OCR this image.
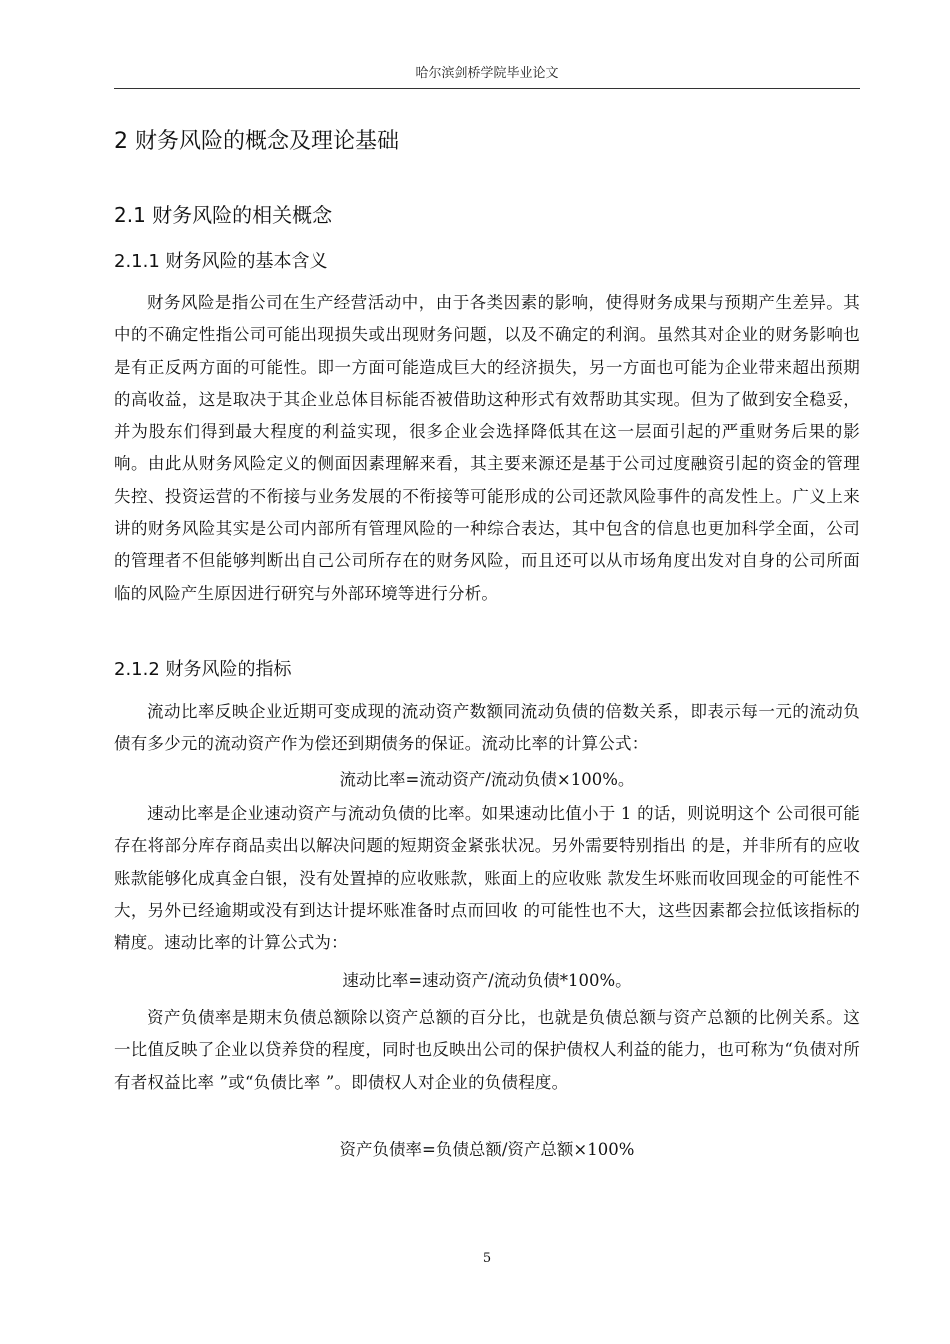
哈尔滨剑桥学院毕业论文
2 财务风险的概念及理论基础
2.1 财务风险的相关概念
2.1.1 财务风险的基本含义

财务风险是指公司在生产经营活动中，由于各类因素的影响，使得财务成果与预期产生差异。其中的不确定性指公司可能出现损失或出现财务问题，以及不确定的利润。虽然其对企业的财务影响也是有正反两方面的可能性。即一方面可能造成巨大的经济损失，另一方面也可能为企业带来超出预期的高收益，这是取决于其企业总体目标能否被借助这种形式有效帮助其实现。但为了做到安全稳妥，并为股东们得到最大程度的利益实现，很多企业会选择降低其在这一层面引起的严重财务后果的影响。由此从财务风险定义的侧面因素理解来看，其主要来源还是基于公司过度融资引起的资金的管理失控、投资运营的不衔接与业务发展的不衔接等可能形成的公司还款风险事件的高发性上。广义上来讲的财务风险其实是公司内部所有管理风险的一种综合表达，其中包含的信息也更加科学全面，公司的管理者不但能够判断出自己公司所存在的财务风险，而且还可以从市场角度出发对自身的公司所面临的风险产生原因进行研究与外部环境等进行分析。

2.1.2 财务风险的指标

流动比率反映企业近期可变成现的流动资产数额同流动负债的倍数关系，即表示每一元的流动负债有多少元的流动资产作为偿还到期债务的保证。流动比率的计算公式：

流动比率=流动资产/流动负债×100%。

速动比率是企业速动资产与流动负债的比率。如果速动比值小于 1 的话，则说明这个 公司很可能存在将部分库存商品卖出以解决问题的短期资金紧张状况。另外需要特别指出 的是，并非所有的应收账款能够化成真金白银，没有处置掉的应收账款，账面上的应收账 款发生坏账而收回现金的可能性不大，另外已经逾期或没有到达计提坏账准备时点而回收 的可能性也不大，这些因素都会拉低该指标的精度。速动比率的计算公式为：

速动比率=速动资产/流动负债*100%。

资产负债率是期末负债总额除以资产总额的百分比，也就是负债总额与资产总额的比例关系。这一比值反映了企业以贷养贷的程度，同时也反映出公司的保护债权人利益的能力，也可称为“负债对所有者权益比率 ”或“负债比率 ”。即债权人对企业的负债程度。

资产负债率=负债总额/资产总额×100%
5
